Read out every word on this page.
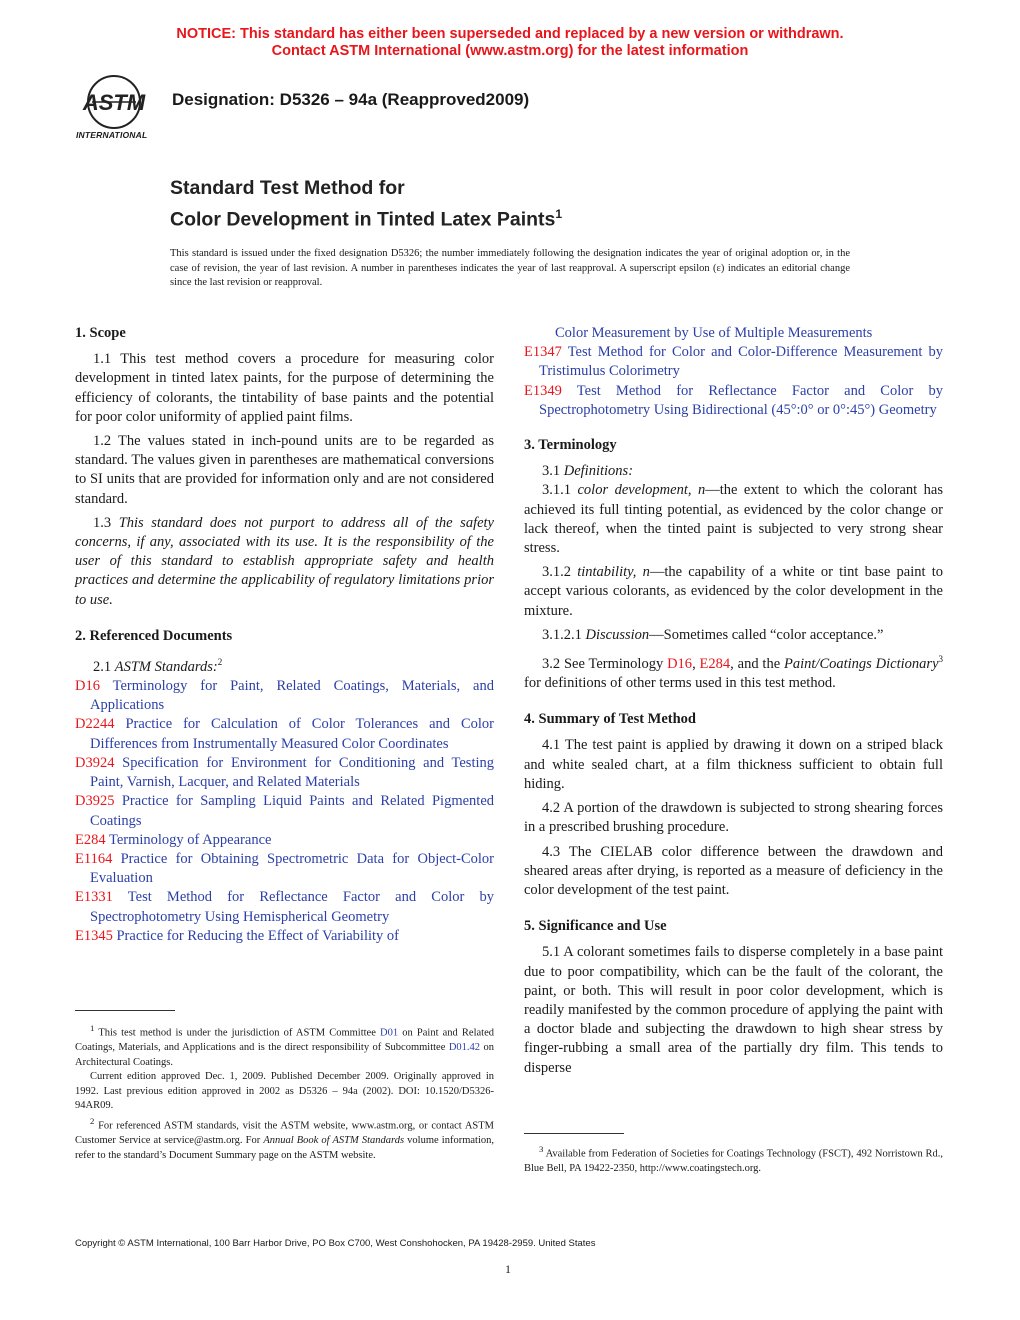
NOTICE: This standard has either been superseded and replaced by a new version or withdrawn.
Contact ASTM International (www.astm.org) for the latest information
ASTM
INTERNATIONAL
Designation: D5326 – 94a (Reapproved2009)
Standard Test Method for
Color Development in Tinted Latex Paints$^1$
This standard is issued under the fixed designation D5326; the number immediately following the designation indicates the year of original adoption or, in the case of revision, the year of last revision. A number in parentheses indicates the year of last reapproval. A superscript epsilon (ε) indicates an editorial change since the last revision or reapproval.

1. Scope

1.1 This test method covers a procedure for measuring color development in tinted latex paints, for the purpose of determining the efficiency of colorants, the tintability of base paints and the potential for poor color uniformity of applied paint films.

1.2 The values stated in inch-pound units are to be regarded as standard. The values given in parentheses are mathematical conversions to SI units that are provided for information only and are not considered standard.

1.3 This standard does not purport to address all of the safety concerns, if any, associated with its use. It is the responsibility of the user of this standard to establish appropriate safety and health practices and determine the applicability of regulatory limitations prior to use.

2. Referenced Documents

2.1 ASTM Standards:$^2$

D16 Terminology for Paint, Related Coatings, Materials, and Applications

D2244 Practice for Calculation of Color Tolerances and Color Differences from Instrumentally Measured Color Coordinates

D3924 Specification for Environment for Conditioning and Testing Paint, Varnish, Lacquer, and Related Materials

D3925 Practice for Sampling Liquid Paints and Related Pigmented Coatings

E284 Terminology of Appearance

E1164 Practice for Obtaining Spectrometric Data for Object-Color Evaluation

E1331 Test Method for Reflectance Factor and Color by Spectrophotometry Using Hemispherical Geometry

E1345 Practice for Reducing the Effect of Variability of

$^1$ This test method is under the jurisdiction of ASTM Committee D01 on Paint and Related Coatings, Materials, and Applications and is the direct responsibility of Subcommittee D01.42 on Architectural Coatings.

Current edition approved Dec. 1, 2009. Published December 2009. Originally approved in 1992. Last previous edition approved in 2002 as D5326 – 94a (2002). DOI: 10.1520/D5326-94AR09.

$^2$ For referenced ASTM standards, visit the ASTM website, www.astm.org, or contact ASTM Customer Service at service@astm.org. For Annual Book of ASTM Standards volume information, refer to the standard’s Document Summary page on the ASTM website.

Color Measurement by Use of Multiple Measurements

E1347 Test Method for Color and Color-Difference Measurement by Tristimulus Colorimetry

E1349 Test Method for Reflectance Factor and Color by Spectrophotometry Using Bidirectional (45°:0° or 0°:45°) Geometry

3. Terminology

3.1 Definitions:

3.1.1 color development, n—the extent to which the colorant has achieved its full tinting potential, as evidenced by the color change or lack thereof, when the tinted paint is subjected to very strong shear stress.

3.1.2 tintability, n—the capability of a white or tint base paint to accept various colorants, as evidenced by the color development in the mixture.

3.1.2.1 Discussion—Sometimes called “color acceptance.”

3.2 See Terminology D16, E284, and the Paint/Coatings Dictionary$^3$ for definitions of other terms used in this test method.

4. Summary of Test Method

4.1 The test paint is applied by drawing it down on a striped black and white sealed chart, at a film thickness sufficient to obtain full hiding.

4.2 A portion of the drawdown is subjected to strong shearing forces in a prescribed brushing procedure.

4.3 The CIELAB color difference between the drawdown and sheared areas after drying, is reported as a measure of deficiency in the color development of the test paint.

5. Significance and Use

5.1 A colorant sometimes fails to disperse completely in a base paint due to poor compatibility, which can be the fault of the colorant, the paint, or both. This will result in poor color development, which is readily manifested by the common procedure of applying the paint with a doctor blade and subjecting the drawdown to high shear stress by finger-rubbing a small area of the partially dry film. This tends to disperse

$^3$ Available from Federation of Societies for Coatings Technology (FSCT), 492 Norristown Rd., Blue Bell, PA 19422-2350, http://www.coatingstech.org.

Copyright © ASTM International, 100 Barr Harbor Drive, PO Box C700, West Conshohocken, PA 19428-2959. United States
1
